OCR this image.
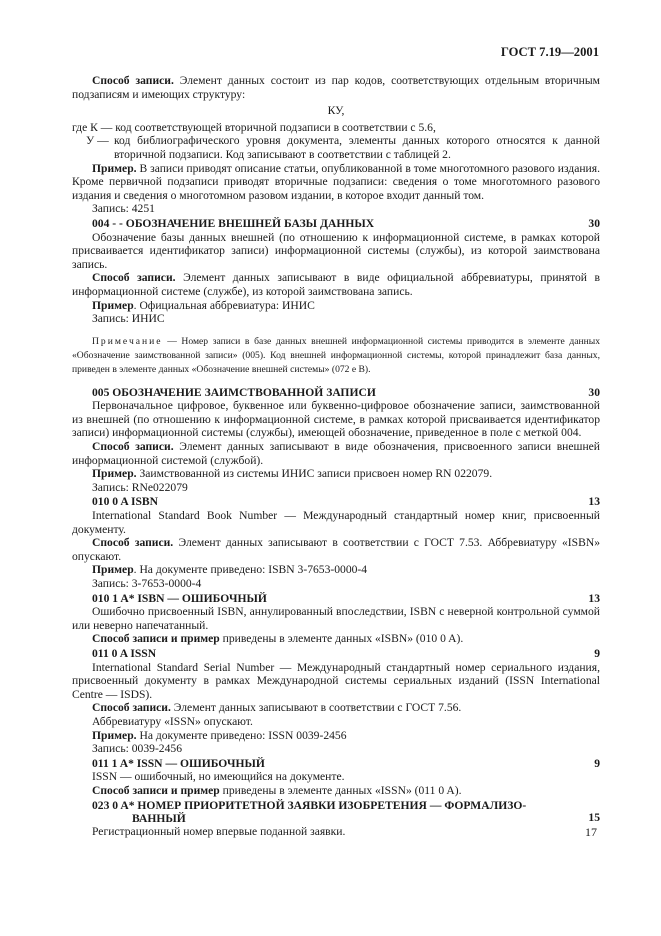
ГОСТ 7.19—2001

Способ записи. Элемент данных состоит из пар кодов, соответствующих отдельным вторичным подзаписям и имеющих структуру:

КУ,

где К — код соответствующей вторичной подзаписи в соответствии с 5.6,

У — код библиографического уровня документа, элементы данных которого относятся к данной вторичной подзаписи. Код записывают в соответствии с таблицей 2.

Пример. В записи приводят описание статьи, опубликованной в томе многотомного разового издания. Кроме первичной подзаписи приводят вторичные подзаписи: сведения о томе многотомного разового издания и сведения о многотомном разовом издании, в которое входит данный том.

Запись: 4251

004 - - ОБОЗНАЧЕНИЕ ВНЕШНЕЙ БАЗЫ ДАННЫХ	30

Обозначение базы данных внешней (по отношению к информационной системе, в рамках которой присваивается идентификатор записи) информационной системы (службы), из которой заимствована запись.

Способ записи. Элемент данных записывают в виде официальной аббревиатуры, принятой в информационной системе (службе), из которой заимствована запись.

Пример. Официальная аббревиатура: ИНИС

Запись: ИНИС

Примечание — Номер записи в базе данных внешней информационной системы приводится в элементе данных «Обозначение заимствованной записи» (005). Код внешней информационной системы, которой принадлежит база данных, приведен в элементе данных «Обозначение внешней системы» (072 e B).

005 ОБОЗНАЧЕНИЕ ЗАИМСТВОВАННОЙ ЗАПИСИ	30

Первоначальное цифровое, буквенное или буквенно-цифровое обозначение записи, заимствованной из внешней (по отношению к информационной системе, в рамках которой присваивается идентификатор записи) информационной системы (службы), имеющей обозначение, приведенное в поле с меткой 004.

Способ записи. Элемент данных записывают в виде обозначения, присвоенного записи внешней информационной системой (службой).

Пример. Заимствованной из системы ИНИС записи присвоен номер RN 022079.

Запись: RNe022079

010 0 A ISBN	13

International Standard Book Number — Международный стандартный номер книг, присвоенный документу.

Способ записи. Элемент данных записывают в соответствии с ГОСТ 7.53. Аббревиатуру «ISBN» опускают.

Пример. На документе приведено: ISBN 3-7653-0000-4

Запись: 3-7653-0000-4

010 1 A* ISBN — ОШИБОЧНЫЙ	13

Ошибочно присвоенный ISBN, аннулированный впоследствии, ISBN с неверной контрольной суммой или неверно напечатанный.

Способ записи и пример приведены в элементе данных «ISBN» (010 0 A).

011 0 A ISSN	9

International Standard Serial Number — Международный стандартный номер сериального издания, присвоенный документу в рамках Международной системы сериальных изданий (ISSN International Centre — ISDS).

Способ записи. Элемент данных записывают в соответствии с ГОСТ 7.56.

Аббревиатуру «ISSN» опускают.

Пример. На документе приведено: ISSN 0039-2456

Запись: 0039-2456

011 1 A* ISSN — ОШИБОЧНЫЙ	9

ISSN — ошибочный, но имеющийся на документе.

Способ записи и пример приведены в элементе данных «ISSN» (011 0 A).

023 0 A* НОМЕР ПРИОРИТЕТНОЙ ЗАЯВКИ ИЗОБРЕТЕНИЯ — ФОРМАЛИЗО-
ВАННЫЙ	15

Регистрационный номер впервые поданной заявки.	17
